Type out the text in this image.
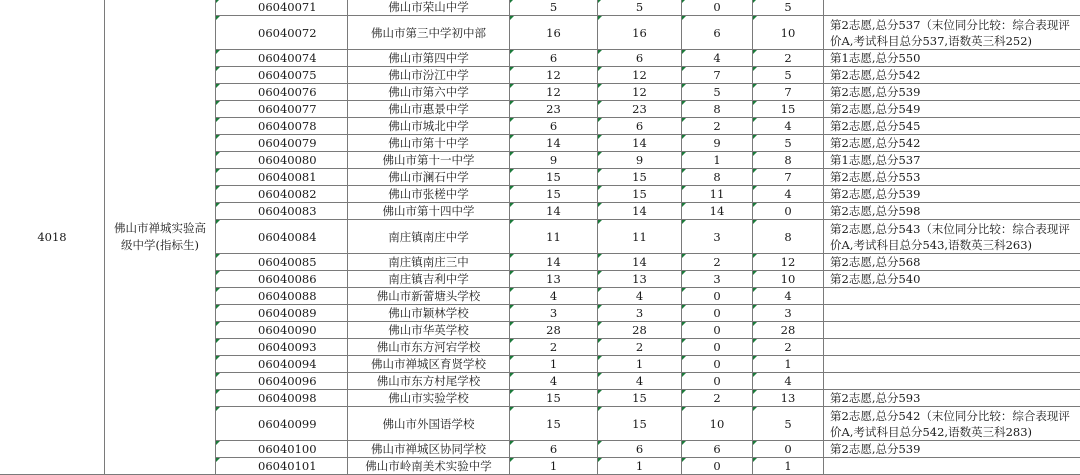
4018	佛山市禅城实验高级中学(指标生)	06040071	佛山市荣山中学	5	5	0	5	
		06040072	佛山市第三中学初中部	16	16	6	10	第2志愿,总分537（末位同分比较：综合表现评价A,考试科目总分537,语数英三科252)
		06040074	佛山市第四中学	6	6	4	2	第1志愿,总分550
		06040075	佛山市汾江中学	12	12	7	5	第2志愿,总分542
		06040076	佛山市第六中学	12	12	5	7	第2志愿,总分539
		06040077	佛山市惠景中学	23	23	8	15	第2志愿,总分549
		06040078	佛山市城北中学	6	6	2	4	第2志愿,总分545
		06040079	佛山市第十中学	14	14	9	5	第2志愿,总分542
		06040080	佛山市第十一中学	9	9	1	8	第1志愿,总分537
		06040081	佛山市澜石中学	15	15	8	7	第2志愿,总分553
		06040082	佛山市张槎中学	15	15	11	4	第2志愿,总分539
		06040083	佛山市第十四中学	14	14	14	0	第2志愿,总分598
		06040084	南庄镇南庄中学	11	11	3	8	第2志愿,总分543（末位同分比较：综合表现评价A,考试科目总分543,语数英三科263)
		06040085	南庄镇南庄三中	14	14	2	12	第2志愿,总分568
		06040086	南庄镇吉利中学	13	13	3	10	第2志愿,总分540
		06040088	佛山市新蕾塘头学校	4	4	0	4	
		06040089	佛山市颖林学校	3	3	0	3	
		06040090	佛山市华英学校	28	28	0	28	
		06040093	佛山市东方河宕学校	2	2	0	2	
		06040094	佛山市禅城区育贤学校	1	1	0	1	
		06040096	佛山市东方村尾学校	4	4	0	4	
		06040098	佛山市实验学校	15	15	2	13	第2志愿,总分593
		06040099	佛山市外国语学校	15	15	10	5	第2志愿,总分542（末位同分比较：综合表现评价A,考试科目总分542,语数英三科283)
		06040100	佛山市禅城区协同学校	6	6	6	0	第2志愿,总分539
		06040101	佛山市岭南美术实验中学	1	1	0	1	
